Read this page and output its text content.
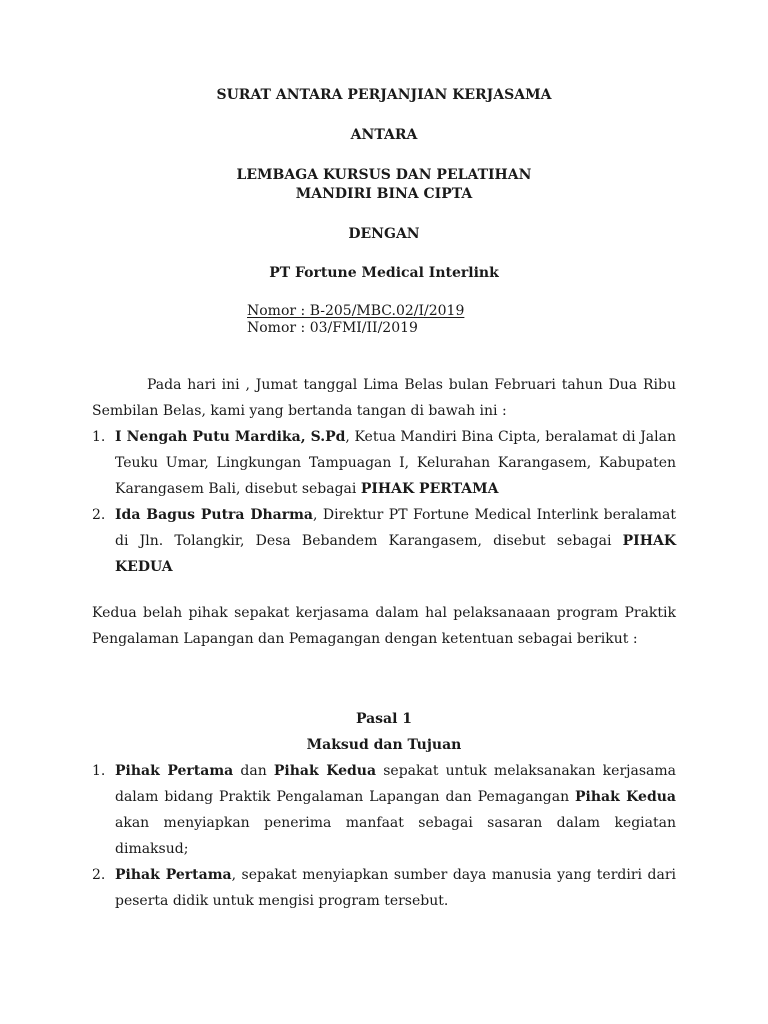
SURAT ANTARA PERJANJIAN KERJASAMA

ANTARA

LEMBAGA KURSUS DAN PELATIHAN

MANDIRI BINA CIPTA

DENGAN

PT Fortune Medical Interlink

Nomor : B-205/MBC.02/I/2019
Nomor : 03/FMI/II/2019

Pada hari ini , Jumat tanggal Lima Belas bulan Februari tahun Dua Ribu Sembilan Belas, kami yang bertanda tangan di bawah ini :

1. I Nengah Putu Mardika, S.Pd, Ketua Mandiri Bina Cipta, beralamat di Jalan Teuku Umar, Lingkungan Tampuagan I, Kelurahan Karangasem, Kabupaten Karangasem Bali, disebut sebagai PIHAK PERTAMA
2. Ida Bagus Putra Dharma, Direktur PT Fortune Medical Interlink beralamat di Jln. Tolangkir, Desa Bebandem Karangasem, disebut sebagai PIHAK KEDUA

Kedua belah pihak sepakat kerjasama dalam hal pelaksanaaan program Praktik Pengalaman Lapangan dan Pemagangan dengan ketentuan sebagai berikut :

Pasal 1

Maksud dan Tujuan

1. Pihak Pertama dan Pihak Kedua sepakat untuk melaksanakan kerjasama dalam bidang Praktik Pengalaman Lapangan dan Pemagangan Pihak Kedua akan menyiapkan penerima manfaat sebagai sasaran dalam kegiatan dimaksud;
2. Pihak Pertama, sepakat menyiapkan sumber daya manusia yang terdiri dari peserta didik untuk mengisi program tersebut.
